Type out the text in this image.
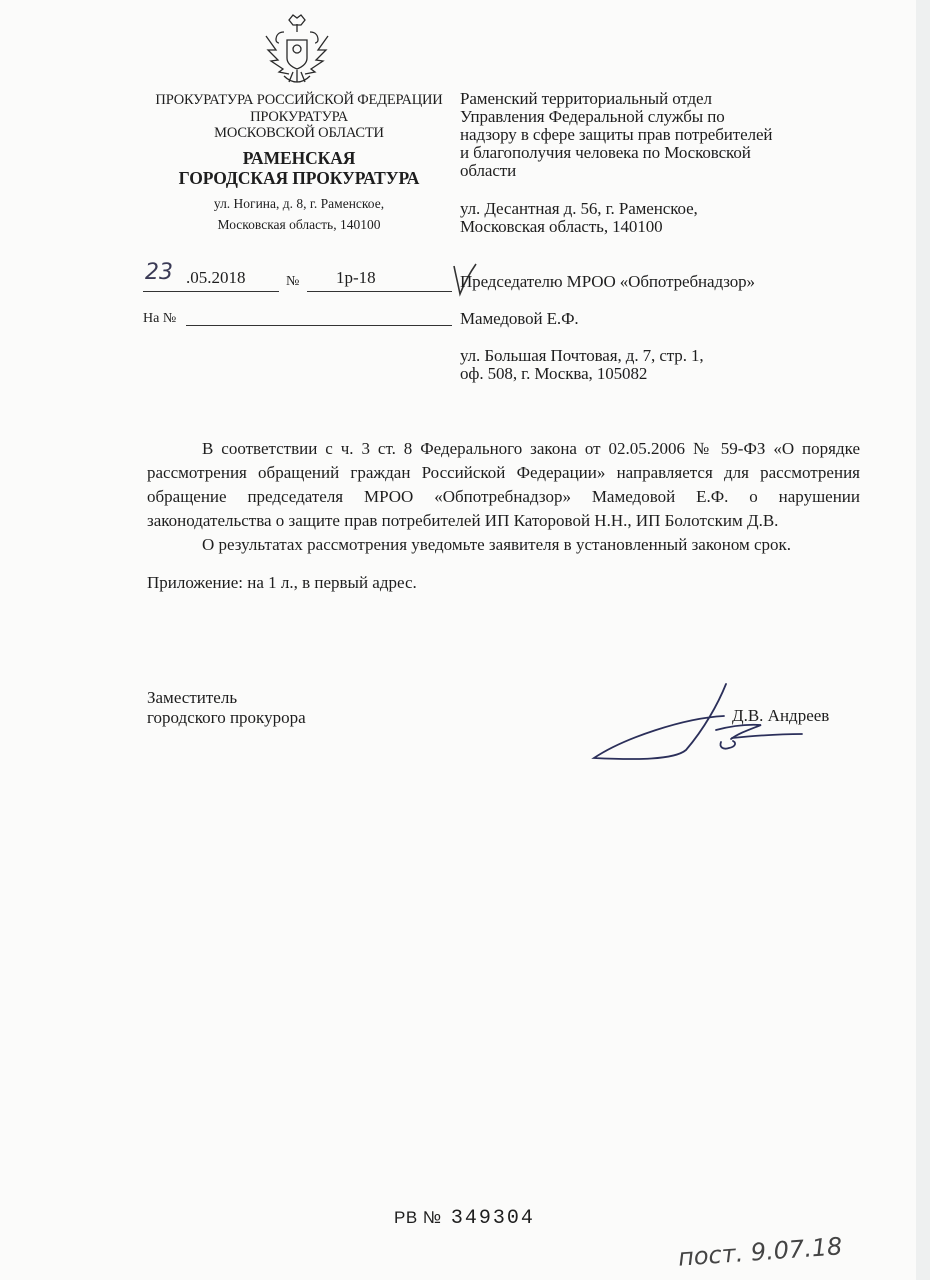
ПРОКУРАТУРА РОССИЙСКОЙ ФЕДЕРАЦИИ
ПРОКУРАТУРА
МОСКОВСКОЙ ОБЛАСТИ
РАМЕНСКАЯ
ГОРОДСКАЯ ПРОКУРАТУРА
ул. Ногина, д. 8, г. Раменское,
Московская область, 140100
23 .05.2018	№ 1р-18
На №
Раменский территориальный отдел
Управления Федеральной службы по
надзору в сфере защиты прав потребителей
и благополучия человека по Московской
области
ул. Десантная д. 56, г. Раменское,
Московская область, 140100
Председателю МРОО «Обпотребнадзор»
Мамедовой Е.Ф.
ул. Большая Почтовая, д. 7, стр. 1,
оф. 508, г. Москва, 105082

В соответствии с ч. 3 ст. 8 Федерального закона от 02.05.2006 № 59-ФЗ «О порядке рассмотрения обращений граждан Российской Федерации» направляется для рассмотрения обращение председателя МРОО «Обпотребнадзор» Мамедовой Е.Ф. о нарушении законодательства о защите прав потребителей ИП Каторовой Н.Н., ИП Болотским Д.В.

О результатах рассмотрения уведомьте заявителя в установленный законом срок.

Приложение: на 1 л., в первый адрес.

Заместитель
городского прокурора	Д.В. Андреев
РВ № 349304
пост. 9.07.18
